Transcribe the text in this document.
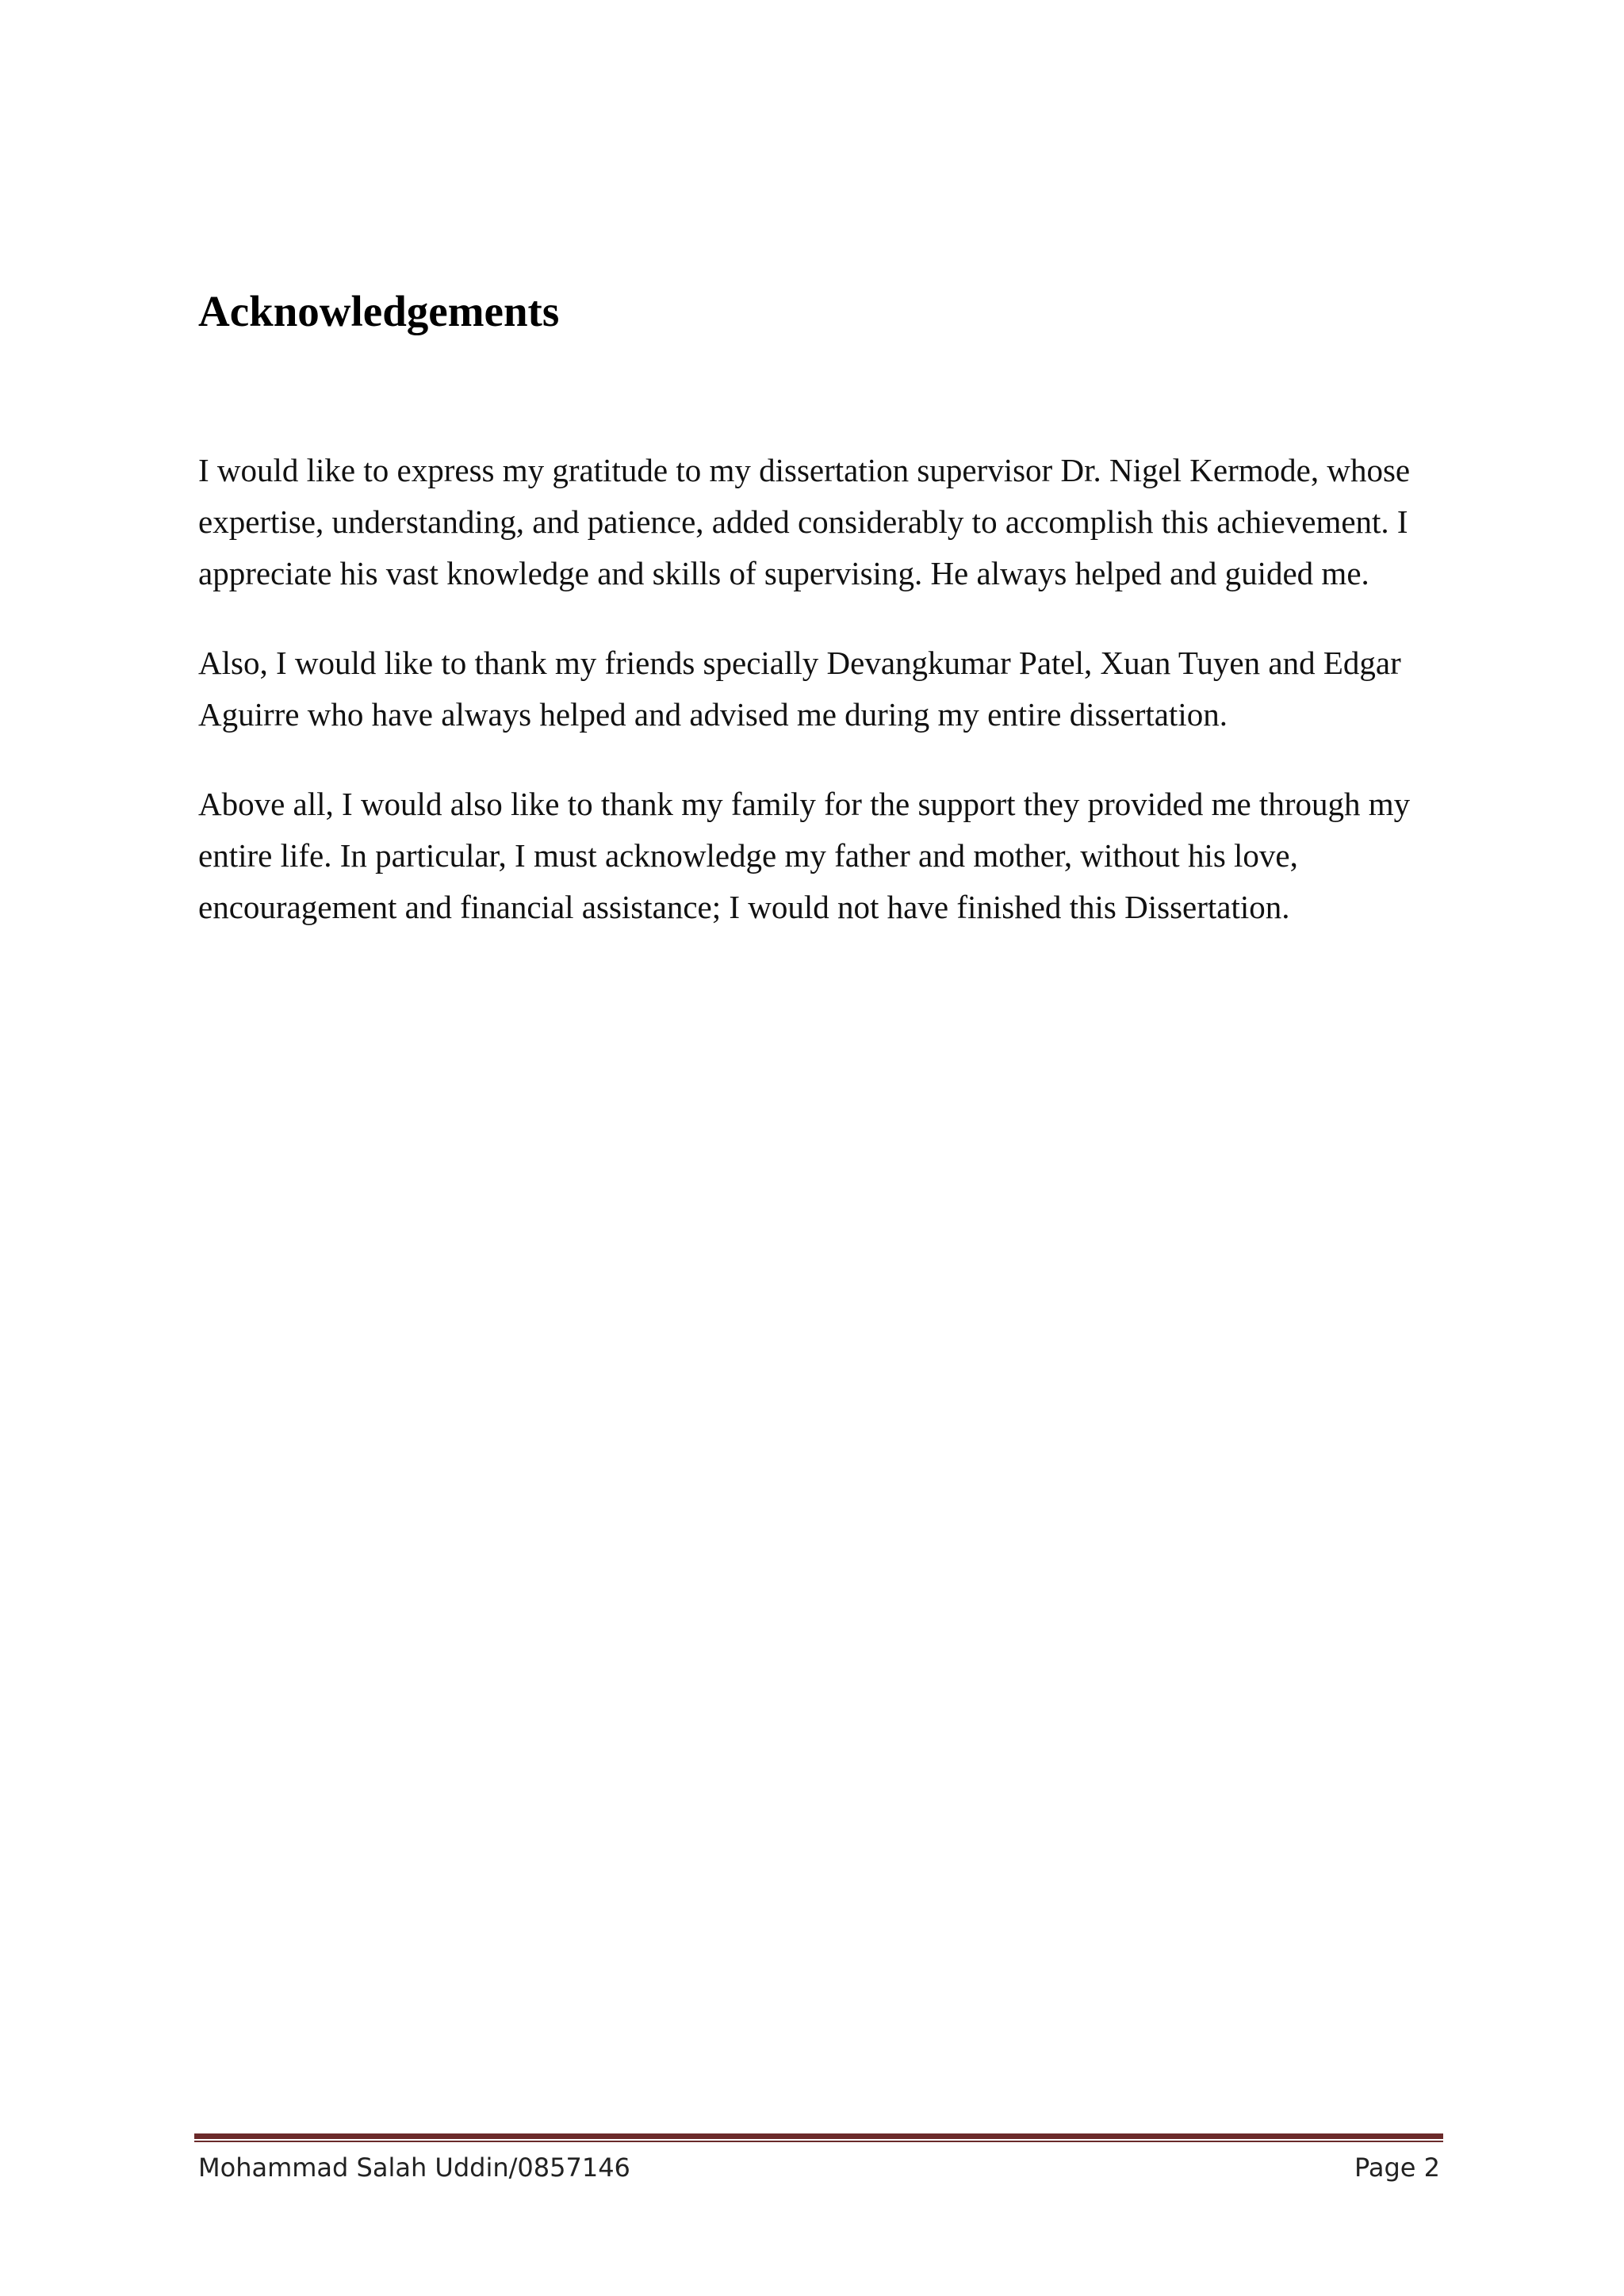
Acknowledgements

I would like to express my gratitude to my dissertation supervisor Dr. Nigel Kermode, whose expertise, understanding, and patience, added considerably to accomplish this achievement. I appreciate his vast knowledge and skills of supervising. He always helped and guided me.

Also, I would like to thank my friends specially Devangkumar Patel, Xuan Tuyen and Edgar Aguirre who have always helped and advised me during my entire dissertation.

Above all, I would also like to thank my family for the support they provided me through my entire life. In particular, I must acknowledge my father and mother, without his love, encouragement and financial assistance; I would not have finished this Dissertation.

Mohammad Salah Uddin/0857146	Page 2
